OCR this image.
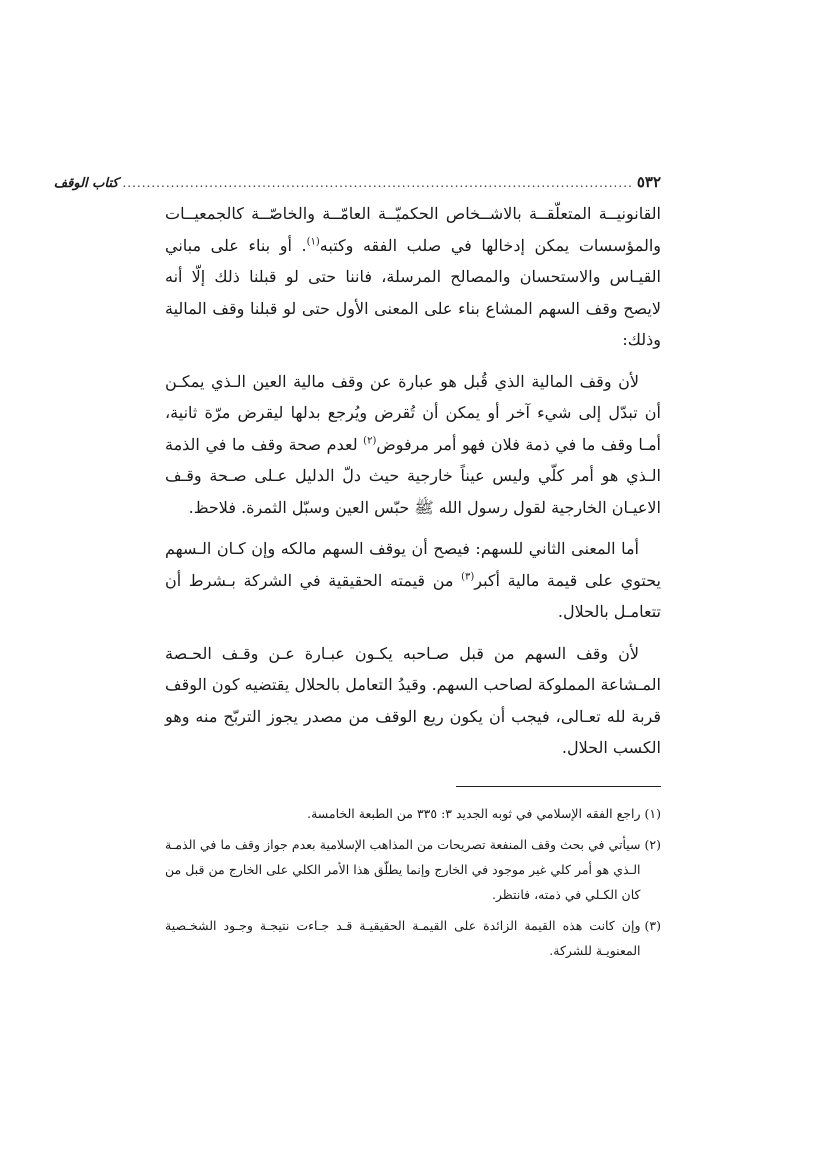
٥٣٢
..........................................................................................................
كتاب الوقف

القانونيــة المتعلّقــة بالاشــخاص الحكميّــة العامّــة والخاصّــة كالجمعيــات والمؤسسات يمكن إدخالها في صلب الفقه وكتبه$^{(١)}$. أو بناء على مباني القيـاس والاستحسان والمصالح المرسلة، فاننا حتى لو قبلنا ذلك إلّا أنه لايصح وقف السهم المشاع بناء على المعنى الأول حتى لو قبلنا وقف المالية وذلك:

لأن وقف المالية الذي قُبل هو عبارة عن وقف مالية العين الـذي يمكـن أن تبدّل إلى شيء آخر أو يمكن أن تُقرض ويُرجع بدلها ليقرض مرّة ثانية، أمـا وقف ما في ذمة فلان فهو أمر مرفوض$^{(٢)}$ لعدم صحة وقف ما في الذمة الـذي هو أمر كلّي وليس عيناً خارجية حيث دلّ الدليل عـلى صـحة وقـف الاعيـان الخارجية لقول رسول الله ﷺ حبّس العين وسبّل الثمرة. فلاحظ.

أما المعنى الثاني للسهم: فيصح أن يوقف السهم مالكه وإن كـان الـسهم يحتوي على قيمة مالية أكبر$^{(٣)}$ من قيمته الحقيقية في الشركة بـشرط أن تتعامـل بالحلال.

لأن وقف السهم من قبل صـاحبه يكـون عبـارة عـن وقـف الحـصة المـشاعة المملوكة لصاحب السهم. وقيدُ التعامل بالحلال يقتضيه كون الوقف قربة لله تعـالى، فيجب أن يكون ريع الوقف من مصدر يجوز التربّح منه وهو الكسب الحلال.

(١)
راجع الفقه الإسلامي في ثوبه الجديد ٣: ٣٣٥ من الطبعة الخامسة.
(٢)
سيأتي في بحث وقف المنفعة تصريحات من المذاهب الإسلامية بعدم جواز وقف ما في الذمـة الـذي هو أمر كلي غير موجود في الخارج وإنما يطلّق هذا الأمر الكلي على الخارج من قبل من كان الكـلي في ذمته، فانتظر.
(٣)
وإن كانت هذه القيمة الزائدة على القيمـة الحقيقيـة قـد جـاءت نتيجـة وجـود الشخـصية المعنويـة للشركة.
